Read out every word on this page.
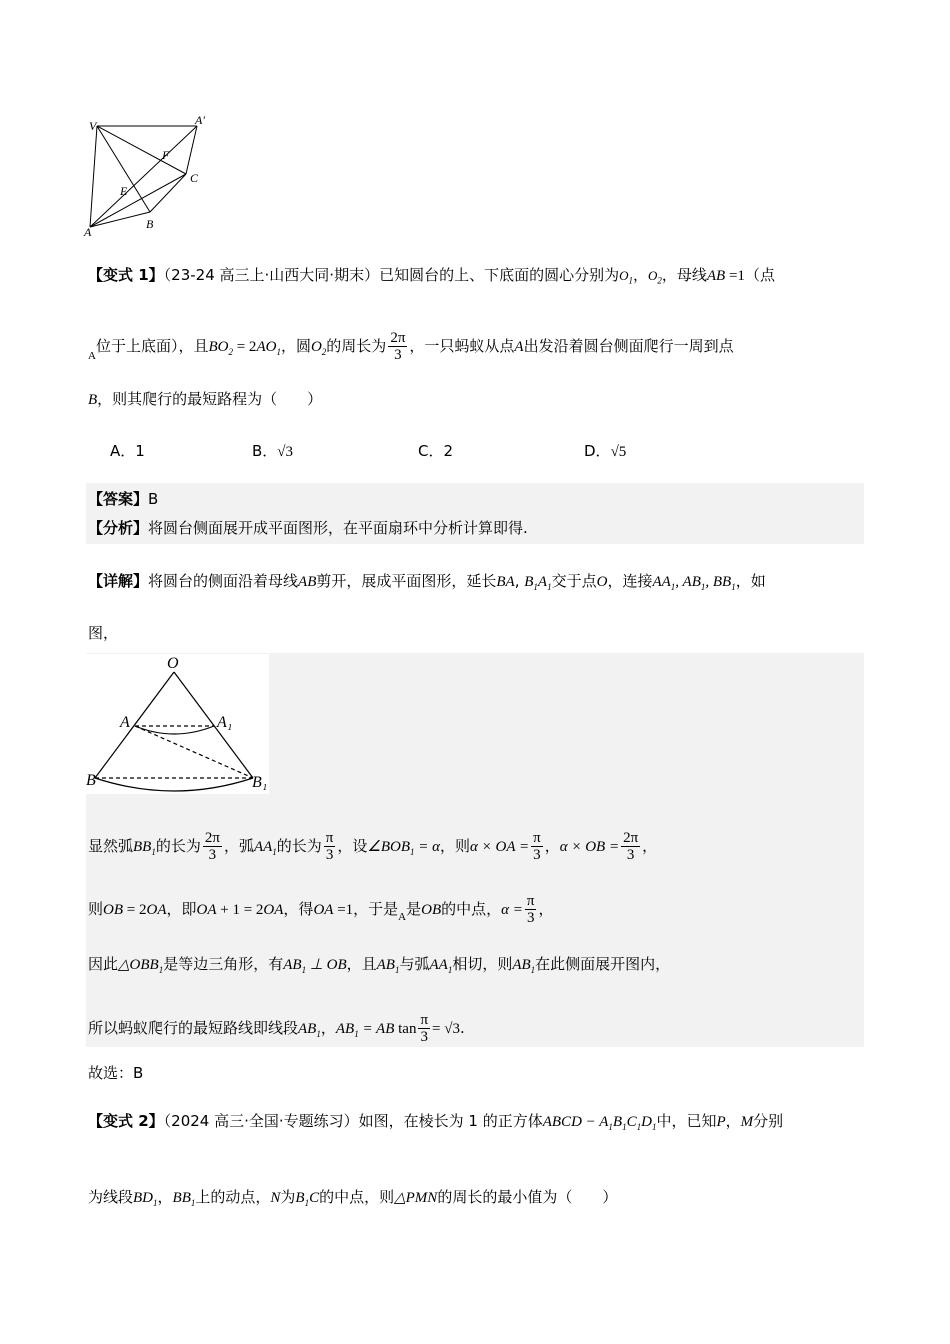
V	A′
F
C
E
A
B
【变式 1】（23-24 高三上·山西大同·期末）已知圆台的上、下底面的圆心分别为$O_1$，$O_2$，母线AB =1（点
$_A$位于上底面），且$BO_2 = 2AO_1$，圆$O_2$的周长为 $\frac{2\pi}{3}$ ，一只蚂蚁从点A出发沿着圆台侧面爬行一周到点
B，则其爬行的最短路程为（　　）
A．1	B．√3	C．2	D．√5
【答案】B
【分析】将圆台侧面展开成平面图形，在平面扇环中分析计算即得.
【详解】将圆台的侧面沿着母线AB剪开，展成平面图形，延长BA, $B_1A_1$交于点O，连接$AA_1$, $AB_1$, $BB_1$，如
图，
O
A	A₁
B	B₁
显然弧$BB_1$的长为 $\frac{2\pi}{3}$ ，弧$AA_1$的长为 $\frac{\pi}{3}$ ，设$\angle BOB_1 = \alpha$，则α × OA = $\frac{\pi}{3}$ ，α × OB = $\frac{2\pi}{3}$ ，
则OB = 2OA，即OA + 1 = 2OA，得OA =1，于是$_A$是OB的中点，$\alpha = \frac{\pi}{3}$ ，
因此$\triangle OBB_1$是等边三角形，有$AB_1$ ⊥ OB，且$AB_1$与弧$AA_1$相切，则$AB_1$在此侧面展开图内，
所以蚂蚁爬行的最短路线即线段$AB_1$，$AB_1$ = AB $\tan \frac{\pi}{3} = √3$.
故选：B
【变式 2】（2024 高三·全国·专题练习）如图，在棱长为 1 的正方体ABCD − $A_1B_1C_1D_1$中，已知P，M分别
为线段$BD_1$，$BB_1$上的动点，N为$B_1C$的中点，则△PMN的周长的最小值为（　　）
